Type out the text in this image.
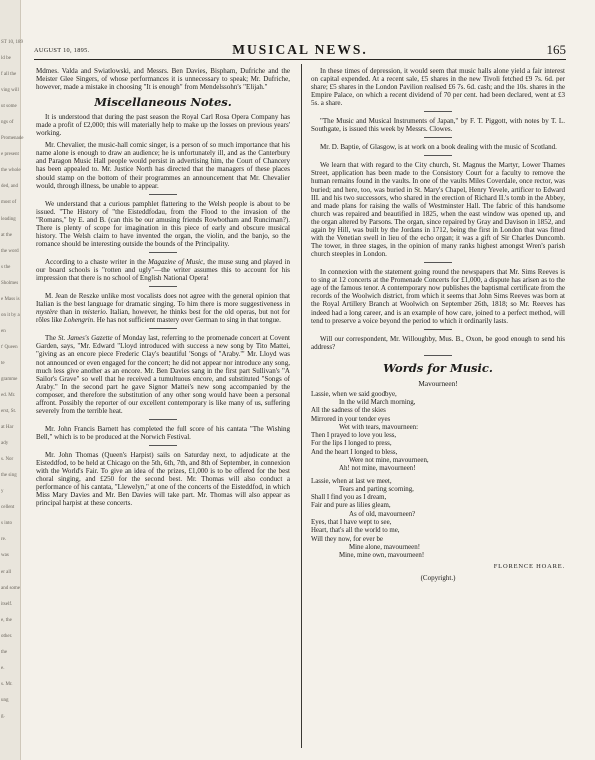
ST 10, 189
ld be
f all the
ving will
ut some
ngs of
Promenade
e present
the whole
ded, and
most of
leading
at the
the word
s the
Sholmes
e Mass is
on it by a
en
t' Queen
te
gramme
ed. Mr.
erst, St.
at Har
ady
s. Nor
the sing
y
cellent
s into
re.
was
er all
and some
itself.
e, the
other.
the
e.
s. Mr.
ung
g.
AUGUST 10, 1895.	MUSICAL NEWS.	165

Mdmes. Valda and Swiatlowski, and Messrs. Ben Davies, Bispham, Dufriche and the Meister Glee Singers, of whose performances it is unnecessary to speak; Mr. Dufriche, however, made a mistake in choosing "It is enough" from Mendelssohn's "Elijah."

Miscellaneous Notes.

It is understood that during the past season the Royal Carl Rosa Opera Company has made a profit of £2,000; this will materially help to make up the losses on previous years' working.

Mr. Chevalier, the music-hall comic singer, is a person of so much importance that his name alone is enough to draw an audience; he is unfortunately ill, and as the Canterbury and Paragon Music Hall people would persist in advertising him, the Court of Chancery has been appealed to. Mr. Justice North has directed that the managers of these places should stamp on the bottom of their programmes an announcement that Mr. Chevalier would, through illness, be unable to appear.

We understand that a curious pamphlet flattering to the Welsh people is about to be issued. "The History of "the Eisteddfodau, from the Flood to the invasion of the "Romans," by E. and B. (can this be our amusing friends Rowbotham and Runciman?). There is plenty of scope for imagination in this piece of early and obscure musical history. The Welsh claim to have invented the organ, the violin, and the banjo, so the romance should be interesting outside the bounds of the Principality.

According to a chaste writer in the Magazine of Music, the muse sung and played in our board schools is "rotten and ugly"—the writer assumes this to account for his impression that there is no school of English National Opera!

M. Jean de Reszke unlike most vocalists does not agree with the general opinion that Italian is the best language for dramatic singing. To him there is more suggestiveness in mystère than in misterio. Italian, however, he thinks best for the old operas, but not for rôles like Lohengrin. He has not sufficient mastery over German to sing in that tongue.

The St. James's Gazette of Monday last, referring to the promenade concert at Covent Garden, says, "Mr. Edward "Lloyd introduced with success a new song by Tito Mattei, "giving as an encore piece Frederic Clay's beautiful 'Songs of "Araby.'" Mr. Lloyd was not announced or even engaged for the concert; he did not appear nor introduce any song, much less give another as an encore. Mr. Ben Davies sang in the first part Sullivan's "A Sailor's Grave" so well that he received a tumultuous encore, and substituted "Songs of Araby." In the second part he gave Signor Mattei's new song accompanied by the composer, and therefore the substitution of any other song would have been a personal affront. Possibly the reporter of our excellent contemporary is like many of us, suffering severely from the terrible heat.

Mr. John Francis Barnett has completed the full score of his cantata "The Wishing Bell," which is to be produced at the Norwich Festival.

Mr. John Thomas (Queen's Harpist) sails on Saturday next, to adjudicate at the Eisteddfod, to be held at Chicago on the 5th, 6th, 7th, and 8th of September, in connexion with the World's Fair. To give an idea of the prizes, £1,000 is to be offered for the best choral singing, and £250 for the second best. Mr. Thomas will also conduct a performance of his cantata, "Llewelyn," at one of the concerts of the Eisteddfod, in which Miss Mary Davies and Mr. Ben Davies will take part. Mr. Thomas will also appear as principal harpist at these concerts.

In these times of depression, it would seem that music halls alone yield a fair interest on capital expended. At a recent sale, £5 shares in the new Tivoli fetched £9 7s. 6d. per share; £5 shares in the London Pavilion realised £6 7s. 6d. cash; and the 10s. shares in the Empire Palace, on which a recent dividend of 70 per cent. had been declared, went at £3 5s. a share.

"The Music and Musical Instruments of Japan," by F. T. Piggott, with notes by T. L. Southgate, is issued this week by Messrs. Clowes.

Mr. D. Baptie, of Glasgow, is at work on a book dealing with the music of Scotland.

We learn that with regard to the City church, St. Magnus the Martyr, Lower Thames Street, application has been made to the Consistory Court for a faculty to remove the human remains found in the vaults. In one of the vaults Miles Coverdale, once rector, was buried; and here, too, was buried in St. Mary's Chapel, Henry Yevele, artificer to Edward III. and his two successors, who shared in the erection of Richard II.'s tomb in the Abbey, and made plans for raising the walls of Westminster Hall. The fabric of this handsome church was repaired and beautified in 1825, when the east window was opened up, and the organ altered by Parsons. The organ, since repaired by Gray and Davison in 1852, and again by Hill, was built by the Jordans in 1712, being the first in London that was fitted with the Venetian swell in lieu of the echo organ; it was a gift of Sir Charles Duncomb. The tower, in three stages, in the opinion of many ranks highest amongst Wren's parish church steeples in London.

In connexion with the statement going round the newspapers that Mr. Sims Reeves is to sing at 12 concerts at the Promenade Concerts for £1,000, a dispute has arisen as to the age of the famous tenor. A contemporary now publishes the baptismal certificate from the records of the Woolwich district, from which it seems that John Sims Reeves was born at the Royal Artillery Branch at Woolwich on September 26th, 1818; so Mr. Reeves has indeed had a long career, and is an example of how care, joined to a perfect method, will tend to preserve a voice beyond the period to which it ordinarily lasts.

Will our correspondent, Mr. Willoughby, Mus. B., Oxon, be good enough to send his address?

Words for Music.
Mavourneen!
Lassie, when we said goodbye,
In the wild March morning,
All the sadness of the skies
Mirrored in your tender eyes
Wet with tears, mavourneen:
Then I prayed to love you less,
For the lips I longed to press,
And the heart I longed to bless,
Were not mine, mavourneen,
Ah! not mine, mavourneen!
Lassie, when at last we meet,
Tears and parting scorning,
Shall I find you as I dream,
Fair and pure as lilies gleam,
As of old, mavourneen?
Eyes, that I have wept to see,
Heart, that's all the world to me,
Will they now, for ever be
Mine alone, mavourneen!
Mine, mine own, mavourneen!
FLORENCE HOARE.
(Copyright.)
